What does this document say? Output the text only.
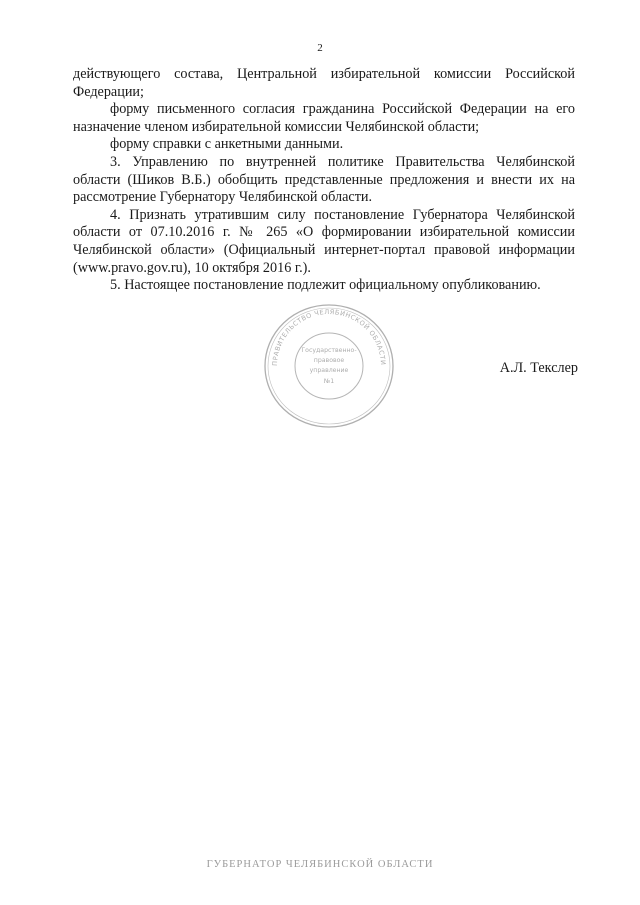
2

действующего состава, Центральной избирательной комиссии Российской Федерации;

форму письменного согласия гражданина Российской Федерации на его назначение членом избирательной комиссии Челябинской области;

форму справки с анкетными данными.

3. Управлению по внутренней политике Правительства Челябинской области (Шиков В.Б.) обобщить представленные предложения и внести их на рассмотрение Губернатору Челябинской области.

4. Признать утратившим силу постановление Губернатора Челябинской области от 07.10.2016 г. № 265 «О формировании избирательной комиссии Челябинской области» (Официальный интернет-портал правовой информации (www.pravo.gov.ru), 10 октября 2016 г.).

5. Настоящее постановление подлежит официальному опубликованию.

ПРАВИТЕЛЬСТВО ЧЕЛЯБИНСКОЙ ОБЛАСТИ
Государственно-
правовое
управление
№1
А.Л. Текслер
ГУБЕРНАТОР ЧЕЛЯБИНСКОЙ ОБЛАСТИ
